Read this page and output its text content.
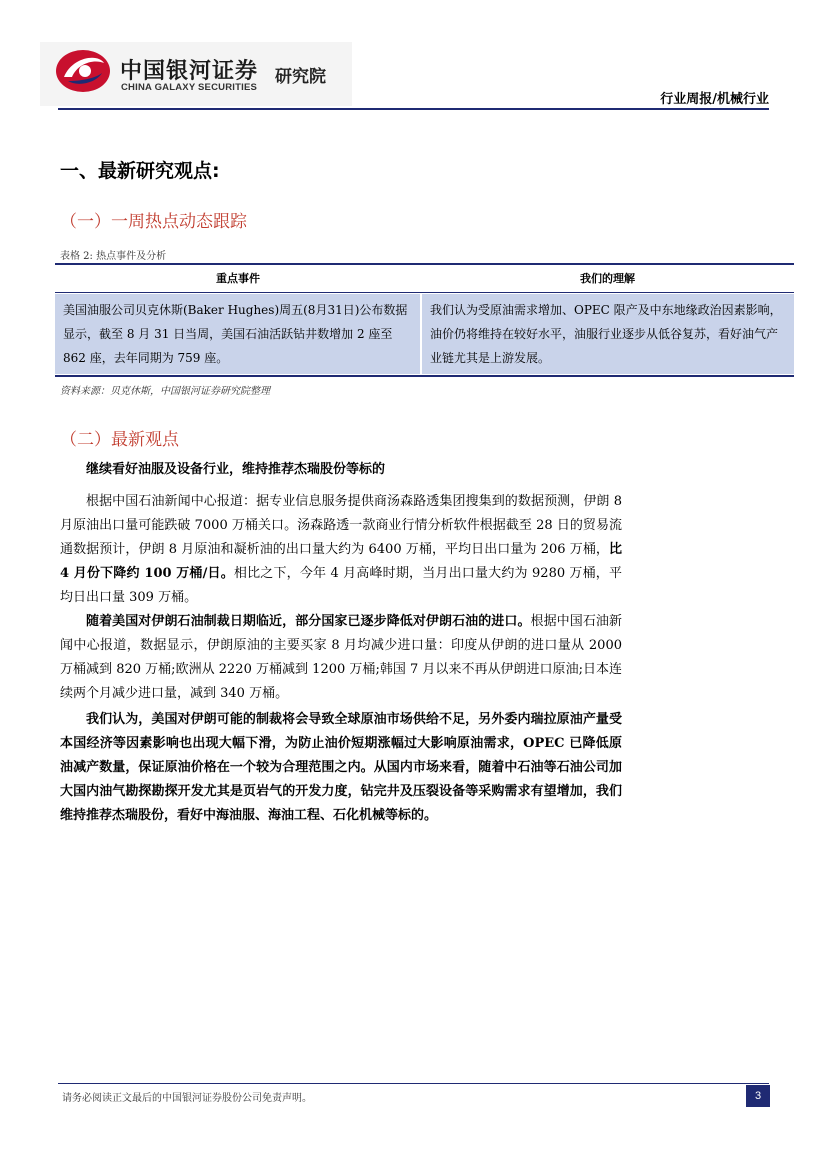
中国银河证券 研究院
CHINA GALAXY SECURITIES
行业周报/机械行业
一、最新研究观点:
（一）一周热点动态跟踪
表格 2: 热点事件及分析
重点事件	我们的理解
美国油服公司贝克休斯(Baker Hughes)周五(8月31日)公布数据显示，截至 8 月 31 日当周，美国石油活跃钻井数增加 2 座至 862 座，去年同期为 759 座。
我们认为受原油需求增加、OPEC 限产及中东地缘政治因素影响，油价仍将维持在较好水平，油服行业逐步从低谷复苏，看好油气产业链尤其是上游发展。
资料来源：贝克休斯，中国银河证券研究院整理
（二）最新观点
继续看好油服及设备行业，维持推荐杰瑞股份等标的
根据中国石油新闻中心报道：据专业信息服务提供商汤森路透集团搜集到的数据预测，伊朗 8 月原油出口量可能跌破 7000 万桶关口。汤森路透一款商业行情分析软件根据截至 28 日的贸易流通数据预计，伊朗 8 月原油和凝析油的出口量大约为 6400 万桶，平均日出口量为 206 万桶，比 4 月份下降约 100 万桶/日。相比之下，今年 4 月高峰时期，当月出口量大约为 9280 万桶，平均日出口量 309 万桶。
随着美国对伊朗石油制裁日期临近，部分国家已逐步降低对伊朗石油的进口。根据中国石油新闻中心报道，数据显示，伊朗原油的主要买家 8 月均减少进口量：印度从伊朗的进口量从 2000 万桶减到 820 万桶;欧洲从 2220 万桶减到 1200 万桶;韩国 7 月以来不再从伊朗进口原油;日本连续两个月减少进口量，减到 340 万桶。
我们认为，美国对伊朗可能的制裁将会导致全球原油市场供给不足，另外委内瑞拉原油产量受本国经济等因素影响也出现大幅下滑，为防止油价短期涨幅过大影响原油需求，OPEC 已降低原油减产数量，保证原油价格在一个较为合理范围之内。从国内市场来看，随着中石油等石油公司加大国内油气勘探勘探开发尤其是页岩气的开发力度，钻完井及压裂设备等采购需求有望增加，我们维持推荐杰瑞股份，看好中海油服、海油工程、石化机械等标的。
请务必阅读正文最后的中国银河证券股份公司免责声明。	3
